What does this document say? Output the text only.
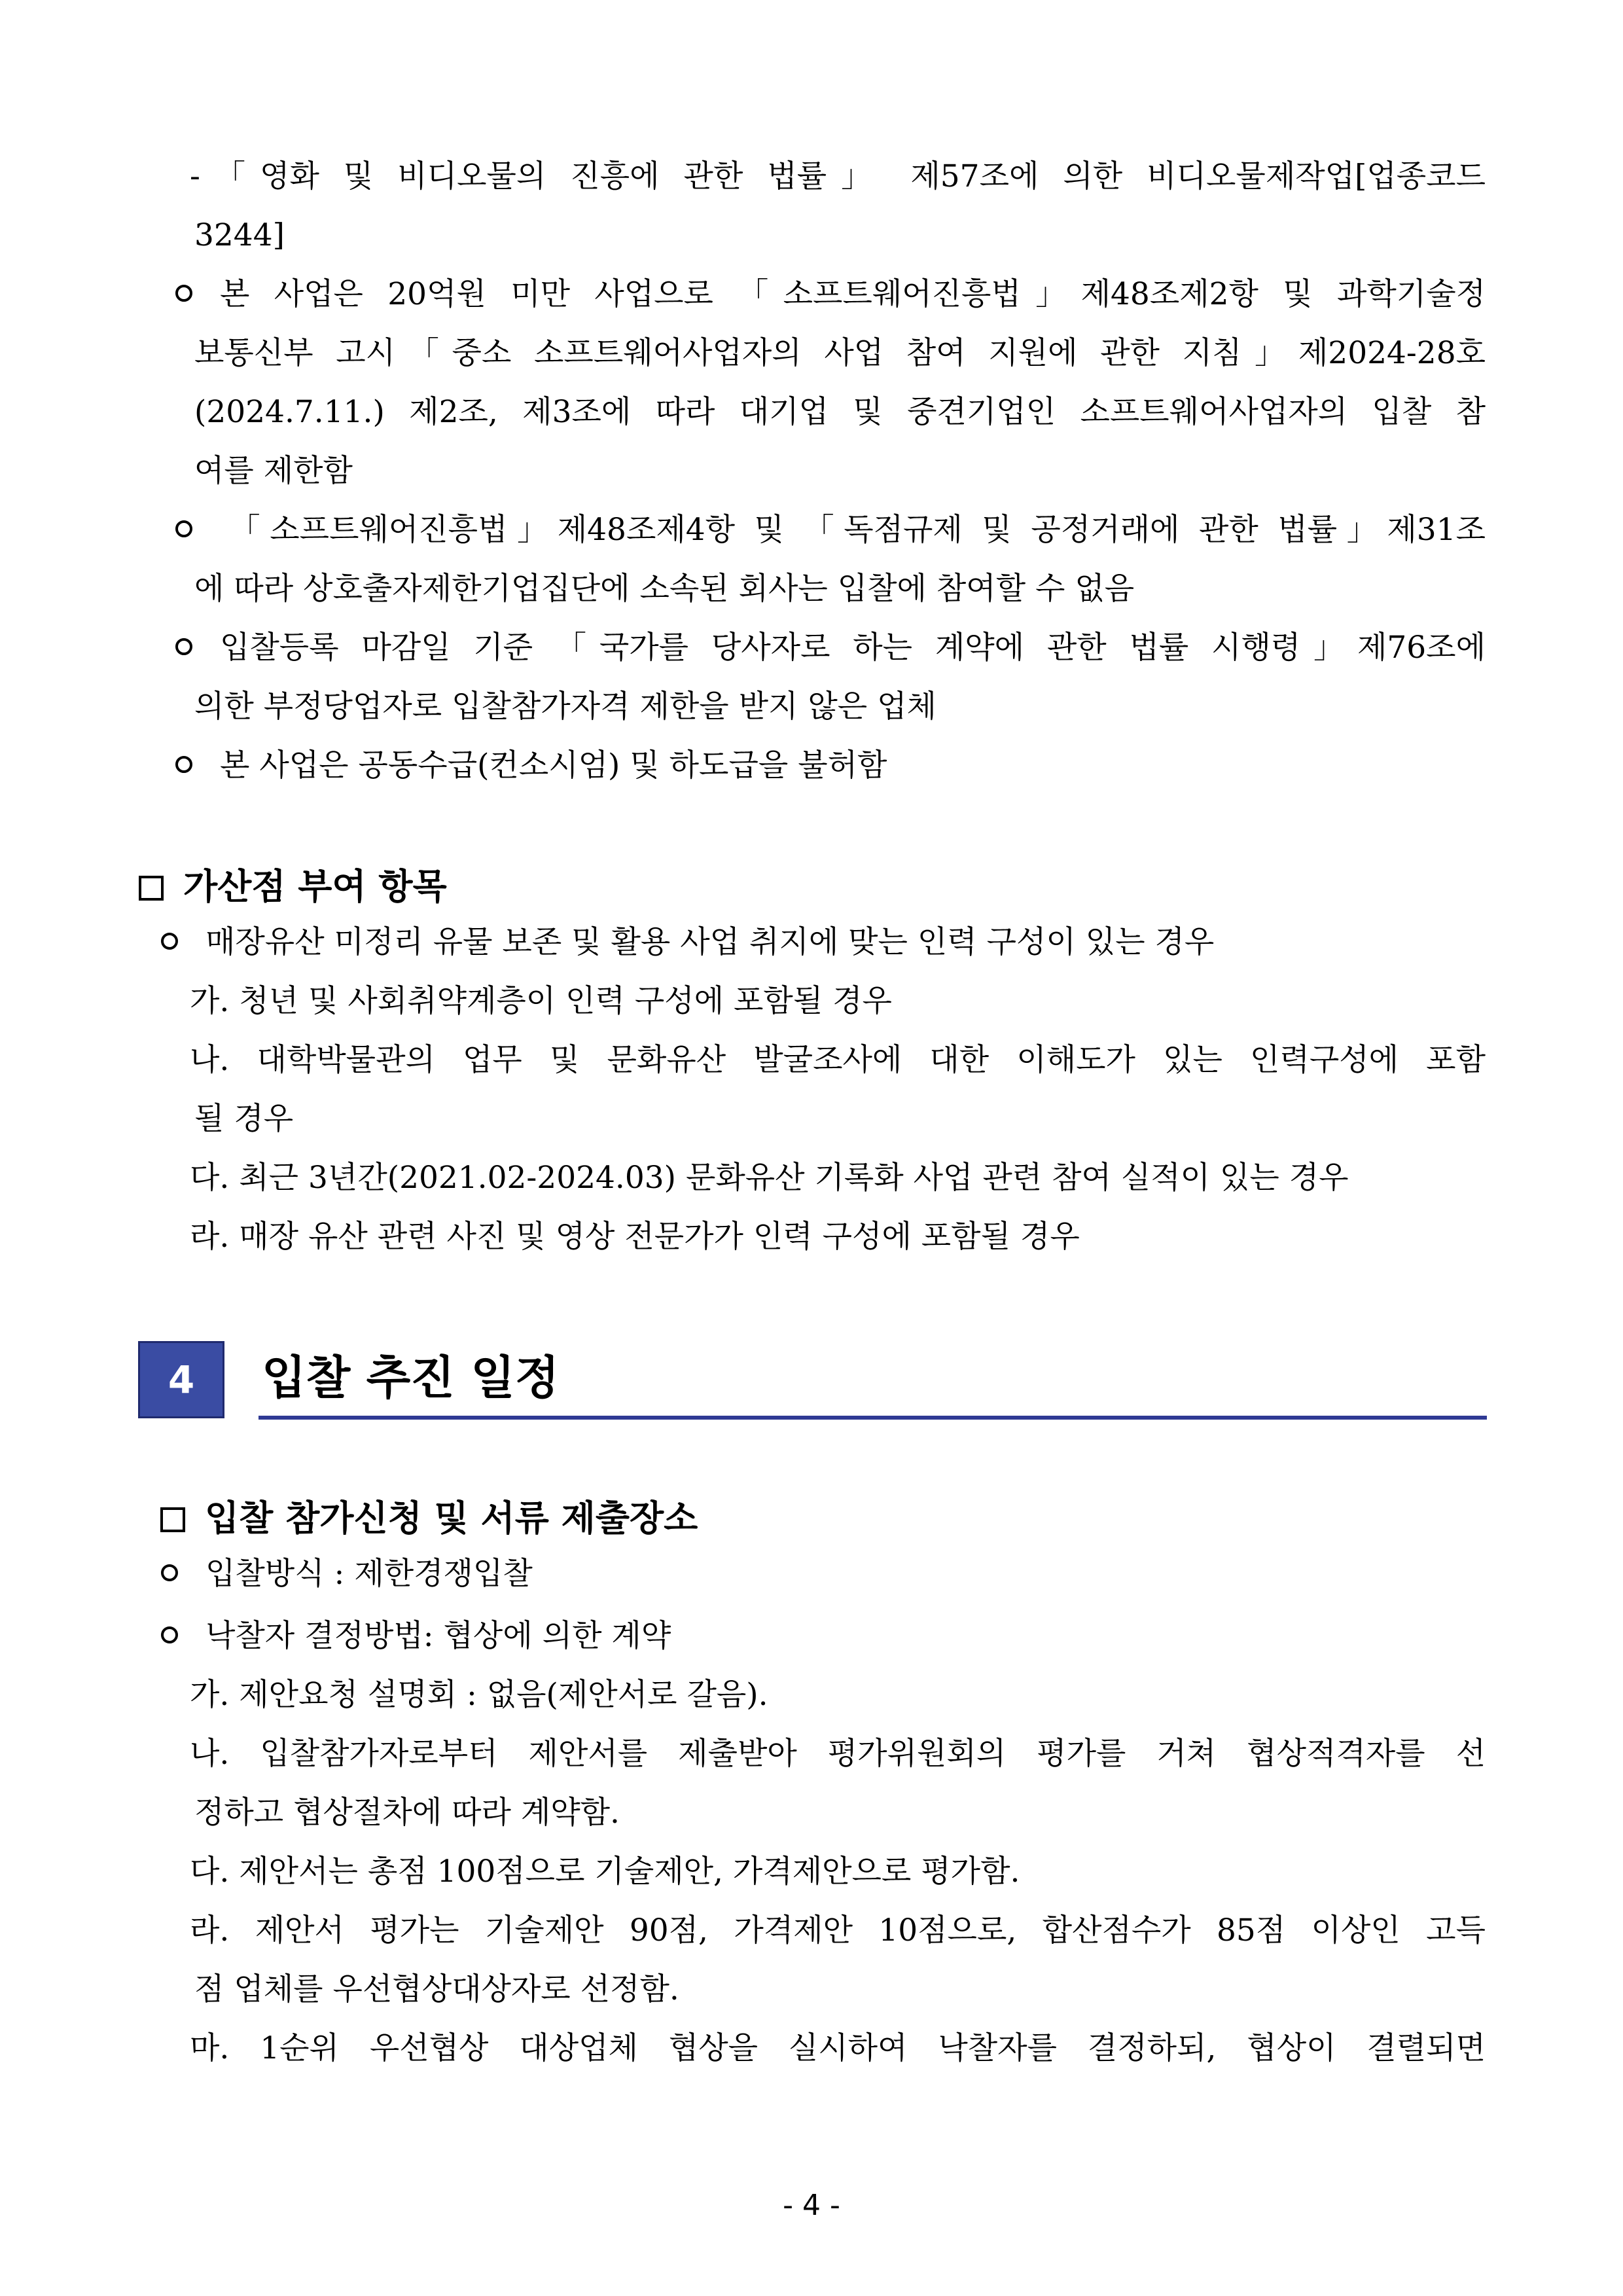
-「영화 및 비디오물의 진흥에 관한 법률」 제57조에 의한 비디오물제작업[업종코드
3244]
본 사업은 20억원 미만 사업으로 「소프트웨어진흥법」제48조제2항 및 과학기술정
보통신부 고시「중소 소프트웨어사업자의 사업 참여 지원에 관한 지침」제2024-28호
(2024.7.11.) 제2조, 제3조에 따라 대기업 및 중견기업인 소프트웨어사업자의 입찰 참
여를 제한함
「소프트웨어진흥법」제48조제4항 및 「독점규제 및 공정거래에 관한 법률」제31조
에 따라 상호출자제한기업집단에 소속된 회사는 입찰에 참여할 수 없음
입찰등록 마감일 기준 「국가를 당사자로 하는 계약에 관한 법률 시행령」제76조에
의한 부정당업자로 입찰참가자격 제한을 받지 않은 업체
본 사업은 공동수급(컨소시엄) 및 하도급을 불허함
가산점 부여 항목
매장유산 미정리 유물 보존 및 활용 사업 취지에 맞는 인력 구성이 있는 경우
가. 청년 및 사회취약계층이 인력 구성에 포함될 경우
나. 대학박물관의 업무 및 문화유산 발굴조사에 대한 이해도가 있는 인력구성에 포함
될 경우
다. 최근 3년간(2021.02-2024.03) 문화유산 기록화 사업 관련 참여 실적이 있는 경우
라. 매장 유산 관련 사진 및 영상 전문가가 인력 구성에 포함될 경우
4	입찰 추진 일정
입찰 참가신청 및 서류 제출장소
입찰방식 : 제한경쟁입찰
낙찰자 결정방법: 협상에 의한 계약
가. 제안요청 설명회 : 없음(제안서로 갈음).
나. 입찰참가자로부터 제안서를 제출받아 평가위원회의 평가를 거쳐 협상적격자를 선
정하고 협상절차에 따라 계약함.
다. 제안서는 총점 100점으로 기술제안, 가격제안으로 평가함.
라. 제안서 평가는 기술제안 90점, 가격제안 10점으로, 합산점수가 85점 이상인 고득
점 업체를 우선협상대상자로 선정함.
마. 1순위 우선협상 대상업체 협상을 실시하여 낙찰자를 결정하되, 협상이 결렬되면
- 4 -
